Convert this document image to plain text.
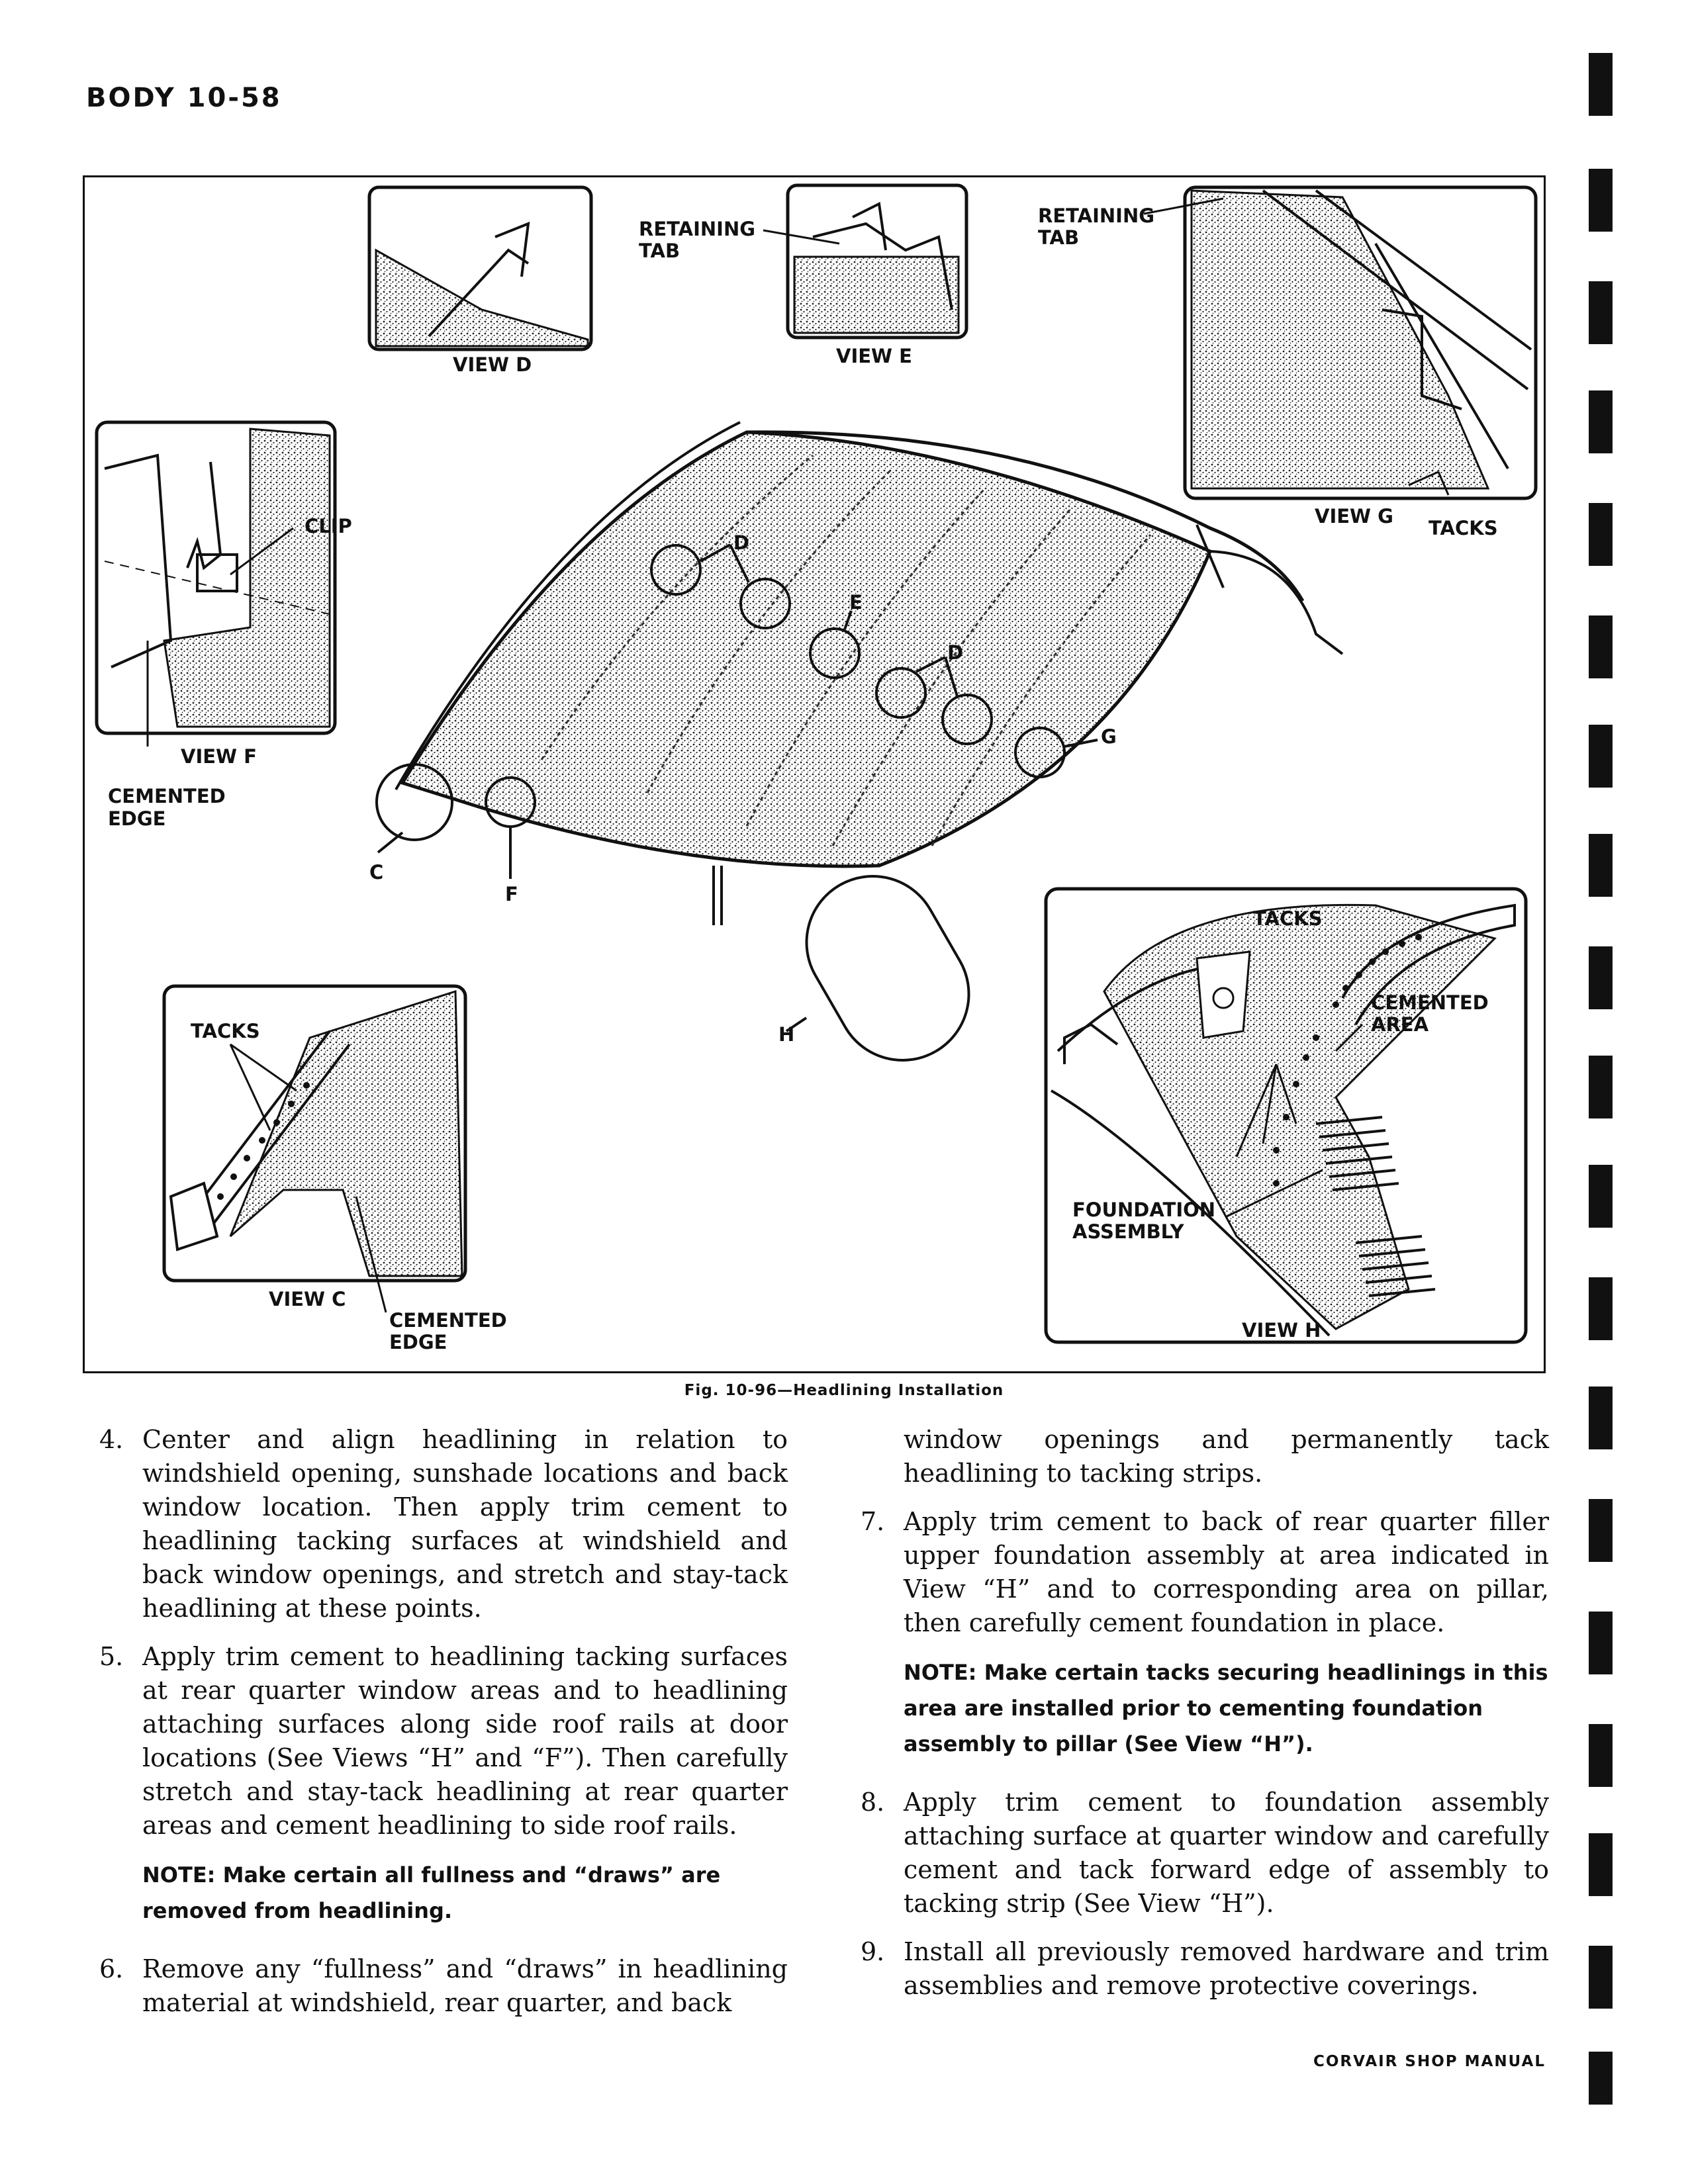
BODY 10-58
VIEW D	VIEW E
RETAINING
TAB
RETAINING
TAB
VIEW G
TACKS
CLIP
VIEW F
CEMENTED
EDGE
D
E
D
G
C
F
H
TACKS
VIEW C
CEMENTED
EDGE
TACKS
CEMENTED
AREA
FOUNDATION
ASSEMBLY
VIEW H
Fig. 10-96—Headlining Installation
4. Center and align headlining in relation to windshield opening, sunshade locations and back window location. Then apply trim cement to headlining tacking surfaces at windshield and back window openings, and stretch and stay-tack headlining at these points.
5. Apply trim cement to headlining tacking surfaces at rear quarter window areas and to headlining attaching surfaces along side roof rails at door locations (See Views “H” and “F”). Then carefully stretch and stay-tack headlining at rear quarter areas and cement headlining to side roof rails.
NOTE: Make certain all fullness and “draws” are removed from headlining.
6. Remove any “fullness” and “draws” in headlining material at windshield, rear quarter, and back
window openings and permanently tack headlining to tacking strips.
7. Apply trim cement to back of rear quarter filler upper foundation assembly at area indicated in View “H” and to corresponding area on pillar, then carefully cement foundation in place.
NOTE: Make certain tacks securing headlinings in this area are installed prior to cementing foundation assembly to pillar (See View “H”).
8. Apply trim cement to foundation assembly attaching surface at quarter window and carefully cement and tack forward edge of assembly to tacking strip (See View “H”).
9. Install all previously removed hardware and trim assemblies and remove protective coverings.
CORVAIR SHOP MANUAL
